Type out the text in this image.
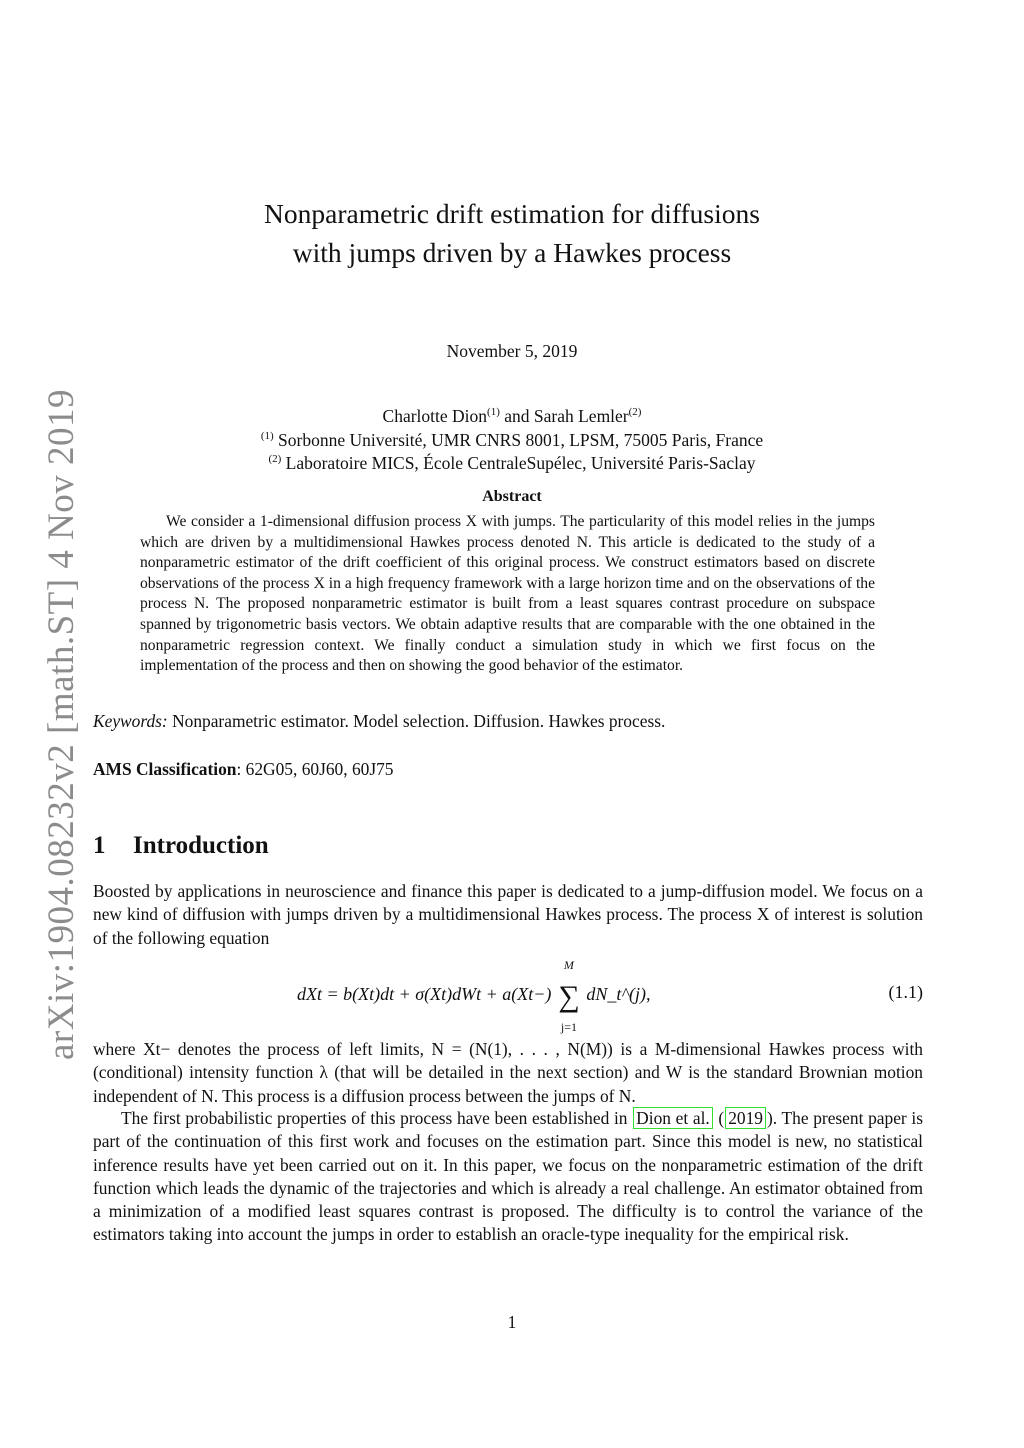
arXiv:1904.08232v2 [math.ST] 4 Nov 2019
Nonparametric drift estimation for diffusions
with jumps driven by a Hawkes process
November 5, 2019
Charlotte Dion$^{(1)}$ and Sarah Lemler$^{(2)}$
$^{(1)}$ Sorbonne Université, UMR CNRS 8001, LPSM, 75005 Paris, France
$^{(2)}$ Laboratoire MICS, École CentraleSupélec, Université Paris-Saclay
Abstract

We consider a 1-dimensional diffusion process X with jumps. The particularity of this model relies in the jumps which are driven by a multidimensional Hawkes process denoted N. This article is dedicated to the study of a nonparametric estimator of the drift coefficient of this original process. We construct estimators based on discrete observations of the process X in a high frequency framework with a large horizon time and on the observations of the process N. The proposed nonparametric estimator is built from a least squares contrast procedure on subspace spanned by trigonometric basis vectors. We obtain adaptive results that are comparable with the one obtained in the nonparametric regression context. We finally conduct a simulation study in which we first focus on the implementation of the process and then on showing the good behavior of the estimator.

Keywords: Nonparametric estimator. Model selection. Diffusion. Hawkes process.

AMS Classification: 62G05, 60J60, 60J75

1 Introduction

Boosted by applications in neuroscience and finance this paper is dedicated to a jump-diffusion model. We focus on a new kind of diffusion with jumps driven by a multidimensional Hawkes process. The process X of interest is solution of the following equation

dXt = b(Xt)dt + σ(Xt)dWt + a(Xt−) ∑
M
j=1
dN_t^(j),	(1.1)

where Xt− denotes the process of left limits, N = (N(1), . . . , N(M)) is a M-dimensional Hawkes process with (conditional) intensity function λ (that will be detailed in the next section) and W is the standard Brownian motion independent of N. This process is a diffusion process between the jumps of N.

The first probabilistic properties of this process have been established in Dion et al. ( 2019 ). The present paper is part of the continuation of this first work and focuses on the estimation part. Since this model is new, no statistical inference results have yet been carried out on it. In this paper, we focus on the nonparametric estimation of the drift function which leads the dynamic of the trajectories and which is already a real challenge. An estimator obtained from a minimization of a modified least squares contrast is proposed. The difficulty is to control the variance of the estimators taking into account the jumps in order to establish an oracle-type inequality for the empirical risk.

1
